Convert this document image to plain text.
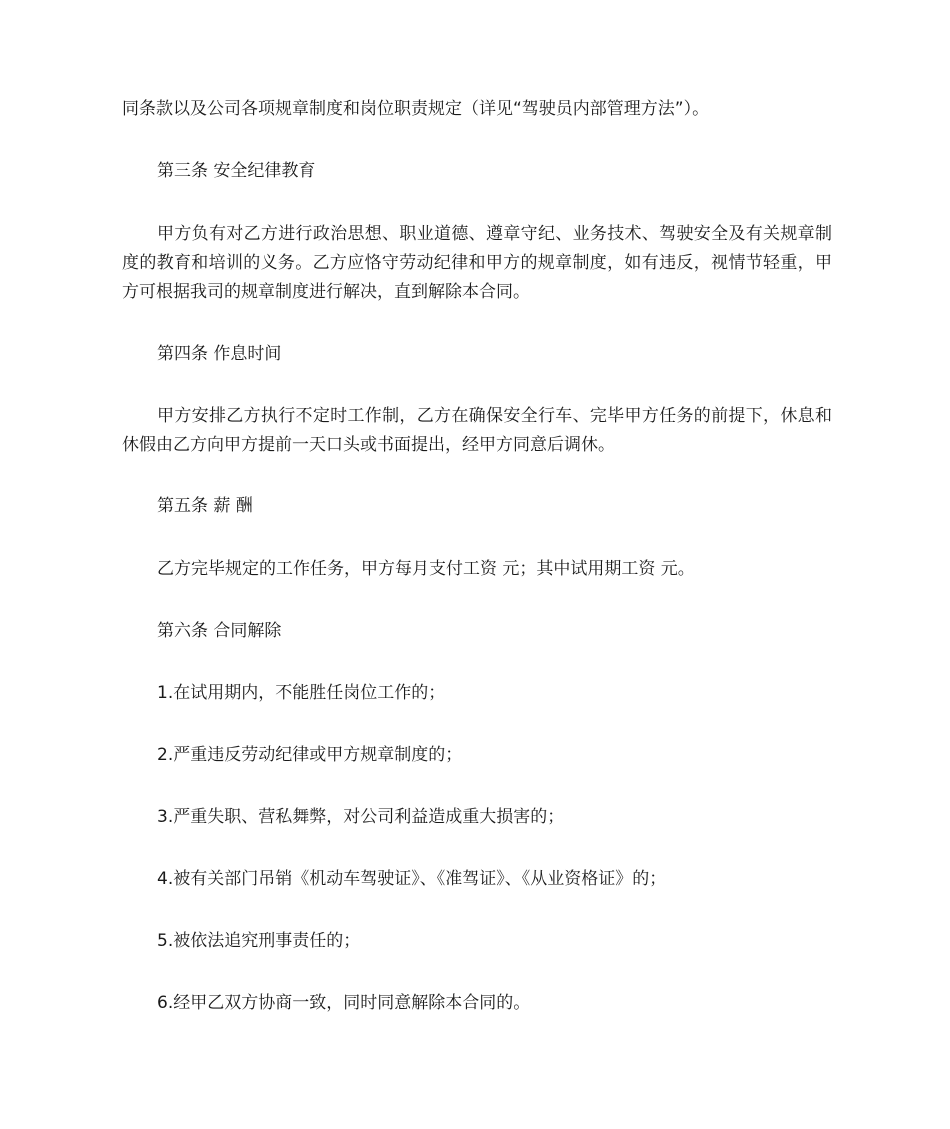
同条款以及公司各项规章制度和岗位职责规定（详见“驾驶员内部管理方法”）。

第三条 安全纪律教育

甲方负有对乙方进行政治思想、职业道德、遵章守纪、业务技术、驾驶安全及有关规章制度的教育和培训的义务。乙方应恪守劳动纪律和甲方的规章制度，如有违反，视情节轻重，甲方可根据我司的规章制度进行解决，直到解除本合同。

第四条 作息时间

甲方安排乙方执行不定时工作制，乙方在确保安全行车、完毕甲方任务的前提下，休息和休假由乙方向甲方提前一天口头或书面提出，经甲方同意后调休。

第五条 薪 酬

乙方完毕规定的工作任务，甲方每月支付工资 元；其中试用期工资 元。

第六条 合同解除

1.在试用期内，不能胜任岗位工作的；

2.严重违反劳动纪律或甲方规章制度的；

3.严重失职、营私舞弊，对公司利益造成重大损害的；

4.被有关部门吊销《机动车驾驶证》、《准驾证》、《从业资格证》的；

5.被依法追究刑事责任的；

6.经甲乙双方协商一致，同时同意解除本合同的。
